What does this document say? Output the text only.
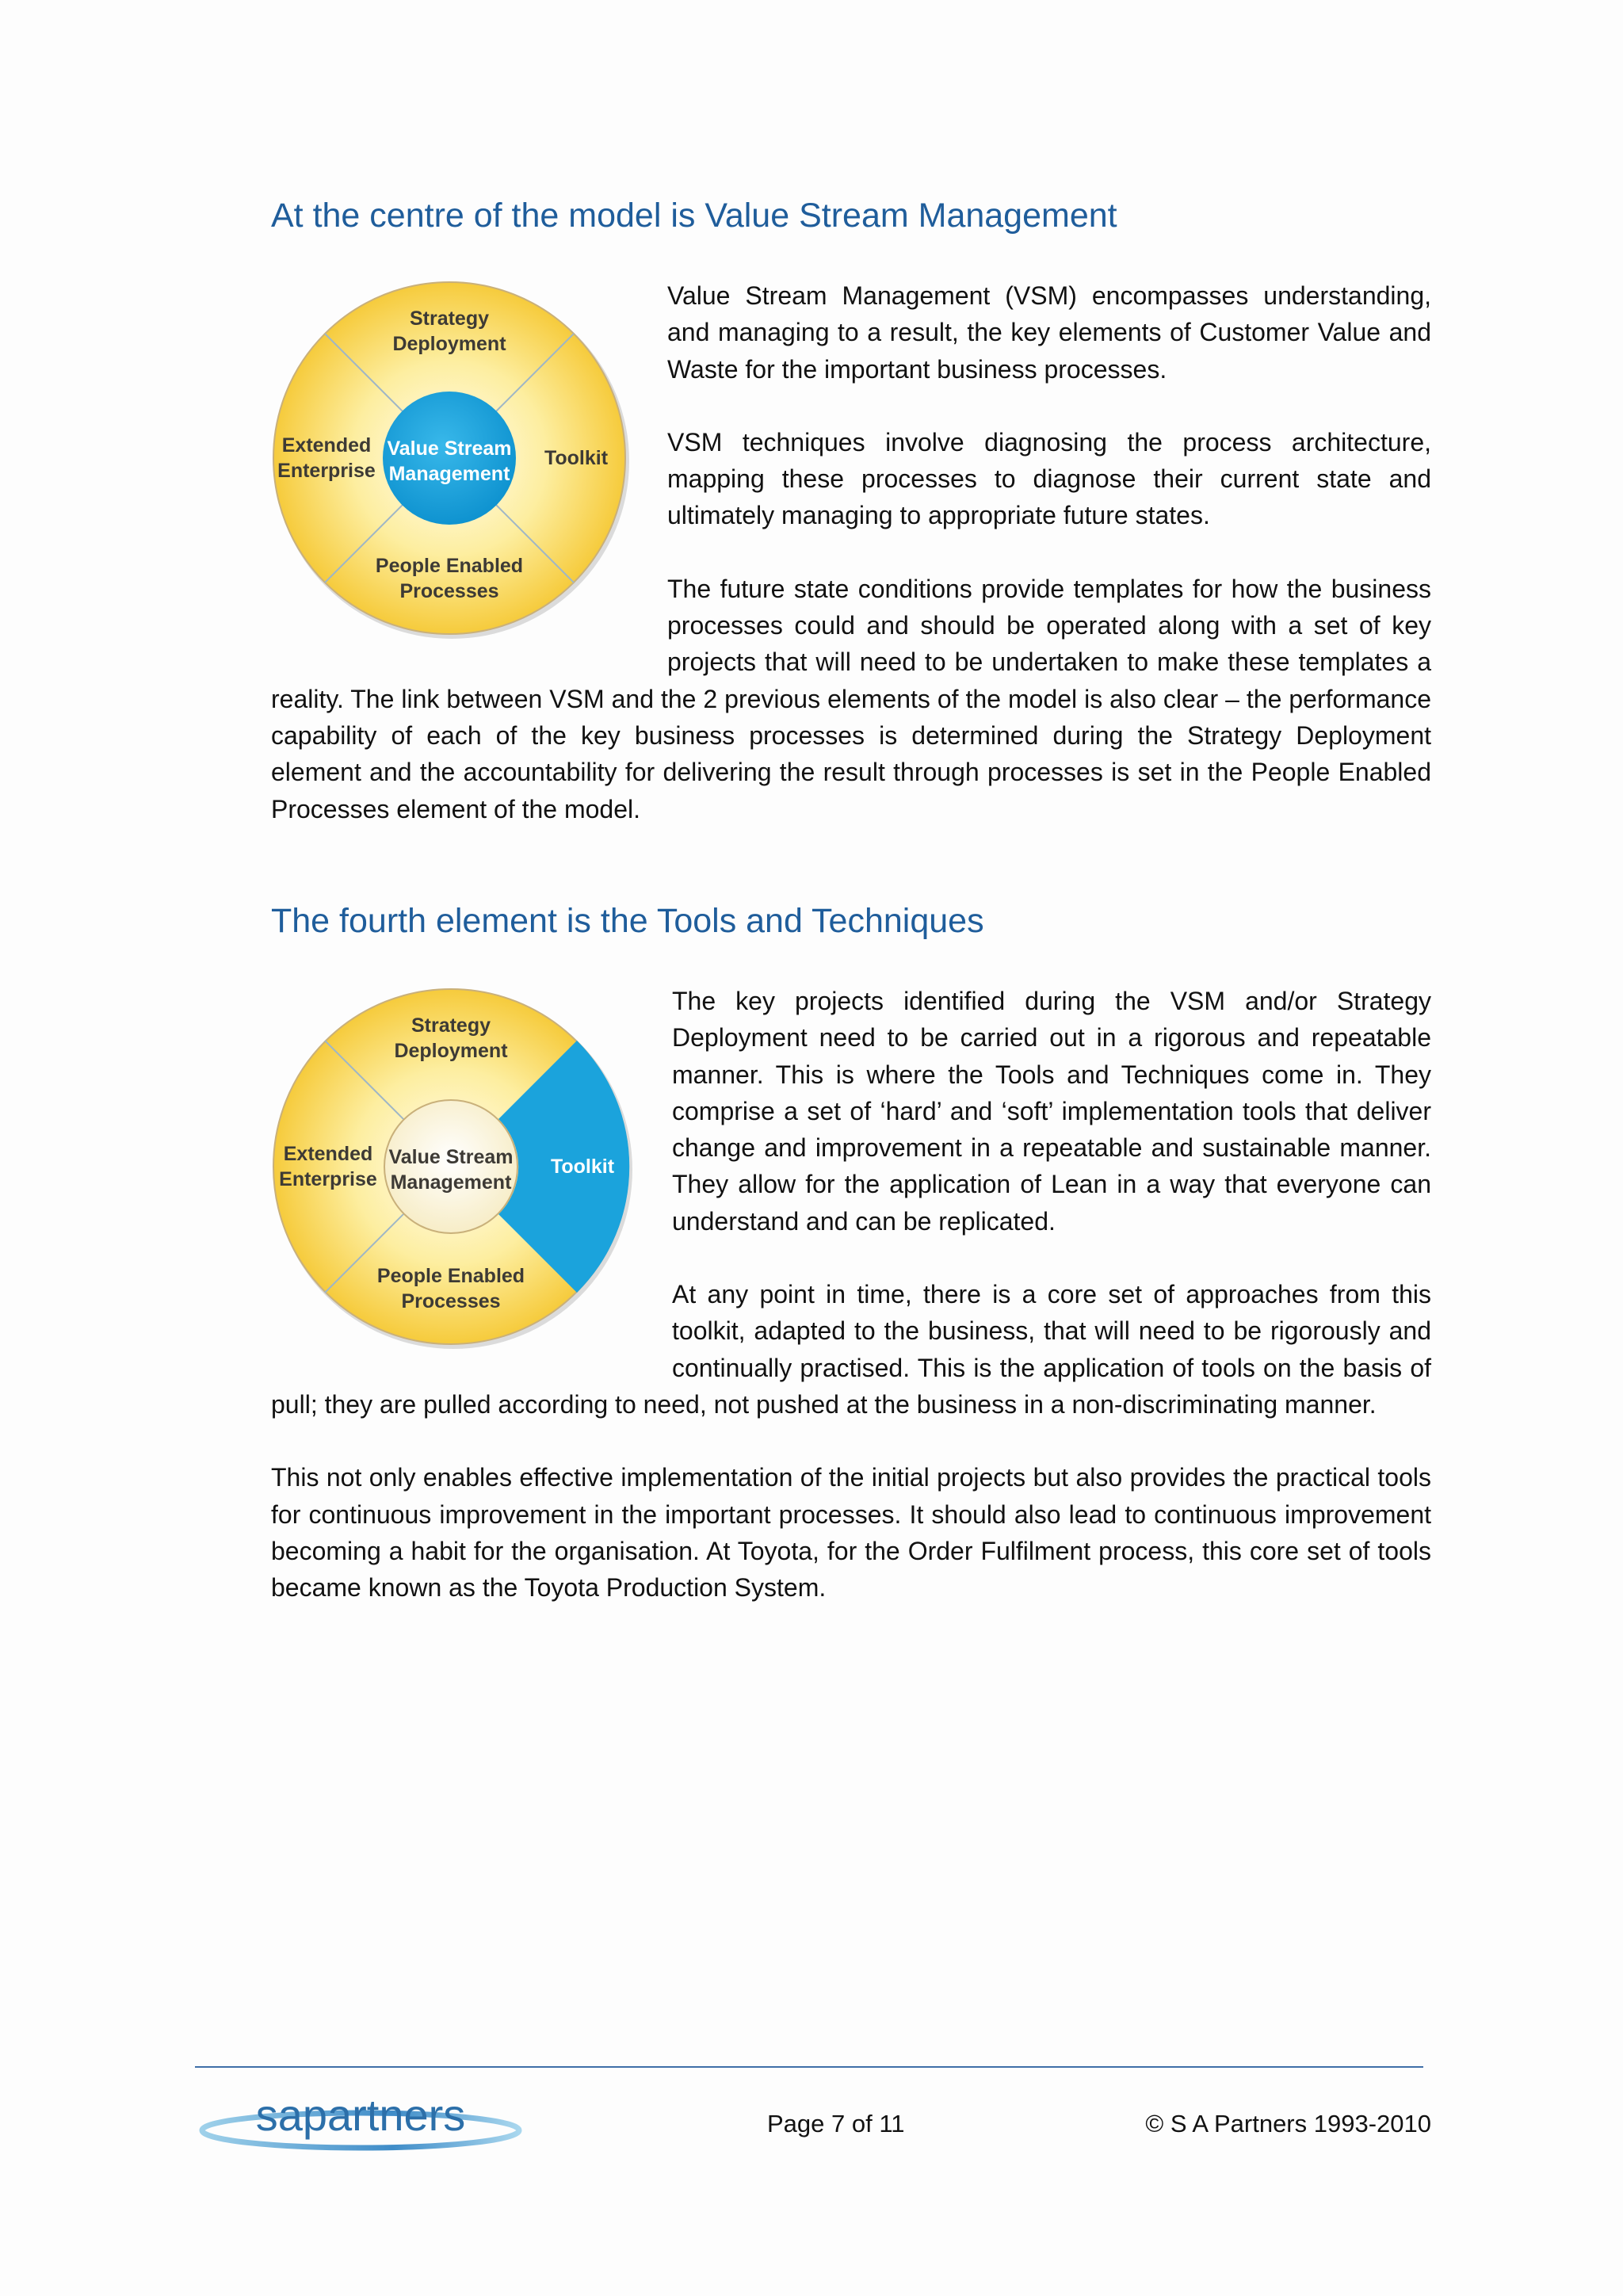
At the centre of the model is Value Stream Management
Strategy
Deployment
Extended
Enterprise
Toolkit
People Enabled
Processes
Value Stream
Management

Value Stream Management (VSM) encompasses understanding, and managing to a result, the key elements of Customer Value and Waste for the important business processes.

VSM techniques involve diagnosing the process architecture, mapping these processes to diagnose their current state and ultimately managing to appropriate future states.

The future state conditions provide templates for how the business processes could and should be operated along with a set of key projects that will need to be undertaken to make these templates a reality. The link between VSM and the 2 previous elements of the model is also clear – the performance capability of each of the key business processes is determined during the Strategy Deployment element and the accountability for delivering the result through processes is set in the People Enabled Processes element of the model.

The fourth element is the Tools and Techniques
Strategy
Deployment
Extended
Enterprise
Toolkit
People Enabled
Processes
Value Stream
Management

The key projects identified during the VSM and/or Strategy Deployment need to be carried out in a rigorous and repeatable manner. This is where the Tools and Techniques come in. They comprise a set of ‘hard’ and ‘soft’ implementation tools that deliver change and improvement in a repeatable and sustainable manner. They allow for the application of Lean in a way that everyone can understand and can be replicated.

At any point in time, there is a core set of approaches from this toolkit, adapted to the business, that will need to be rigorously and continually practised. This is the application of tools on the basis of pull; they are pulled according to need, not pushed at the business in a non-discriminating manner.

This not only enables effective implementation of the initial projects but also provides the practical tools for continuous improvement in the important processes. It should also lead to continuous improvement becoming a habit for the organisation. At Toyota, for the Order Fulfilment process, this core set of tools became known as the Toyota Production System.

sapartners	Page 7 of 11	© S A Partners 1993-2010
